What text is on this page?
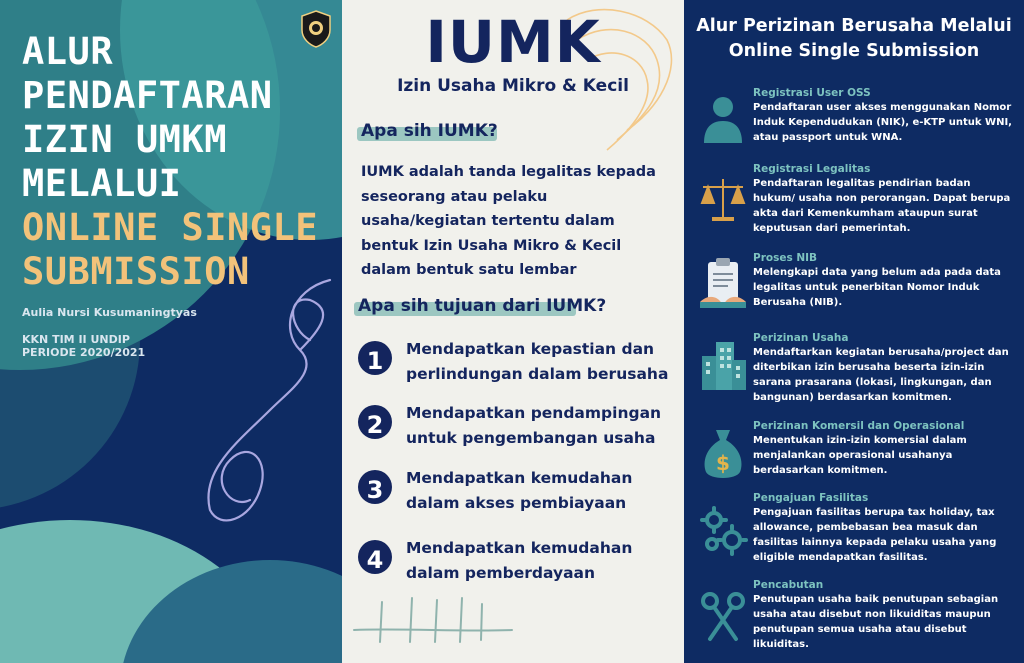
ALUR
PENDAFTARAN
IZIN UMKM
MELALUI
ONLINE SINGLE
SUBMISSION
Aulia Nursi Kusumaningtyas
KKN TIM II UNDIP
PERIODE 2020/2021
IUMK
Izin Usaha Mikro & Kecil
Apa sih IUMK?
IUMK adalah tanda legalitas kepada seseorang atau pelaku usaha/kegiatan tertentu dalam bentuk Izin Usaha Mikro & Kecil dalam bentuk satu lembar
Apa sih tujuan dari IUMK?
1	Mendapatkan kepastian dan perlindungan dalam berusaha
2	Mendapatkan pendampingan untuk pengembangan usaha
3	Mendapatkan kemudahan dalam akses pembiayaan
4	Mendapatkan kemudahan dalam pemberdayaan
Alur Perizinan Berusaha Melalui
Online Single Submission
Registrasi User OSS
Pendaftaran user akses menggunakan Nomor Induk Kependudukan (NIK), e-KTP untuk WNI, atau passport untuk WNA.
Registrasi Legalitas
Pendaftaran legalitas pendirian badan hukum/ usaha non perorangan. Dapat berupa akta dari Kemenkumham ataupun surat keputusan dari pemerintah.
Proses NIB
Melengkapi data yang belum ada pada data legalitas untuk penerbitan Nomor Induk Berusaha (NIB).
Perizinan Usaha
Mendaftarkan kegiatan berusaha/project dan diterbikan izin berusaha beserta izin-izin sarana prasarana (lokasi, lingkungan, dan bangunan) berdasarkan komitmen.
$
Perizinan Komersil dan Operasional
Menentukan izin-izin komersial dalam menjalankan operasional usahanya berdasarkan komitmen.
Pengajuan Fasilitas
Pengajuan fasilitas berupa tax holiday, tax allowance, pembebasan bea masuk dan fasilitas lainnya kepada pelaku usaha yang eligible mendapatkan fasilitas.
Pencabutan
Penutupan usaha baik penutupan sebagian usaha atau disebut non likuiditas maupun penutupan semua usaha atau disebut likuiditas.
